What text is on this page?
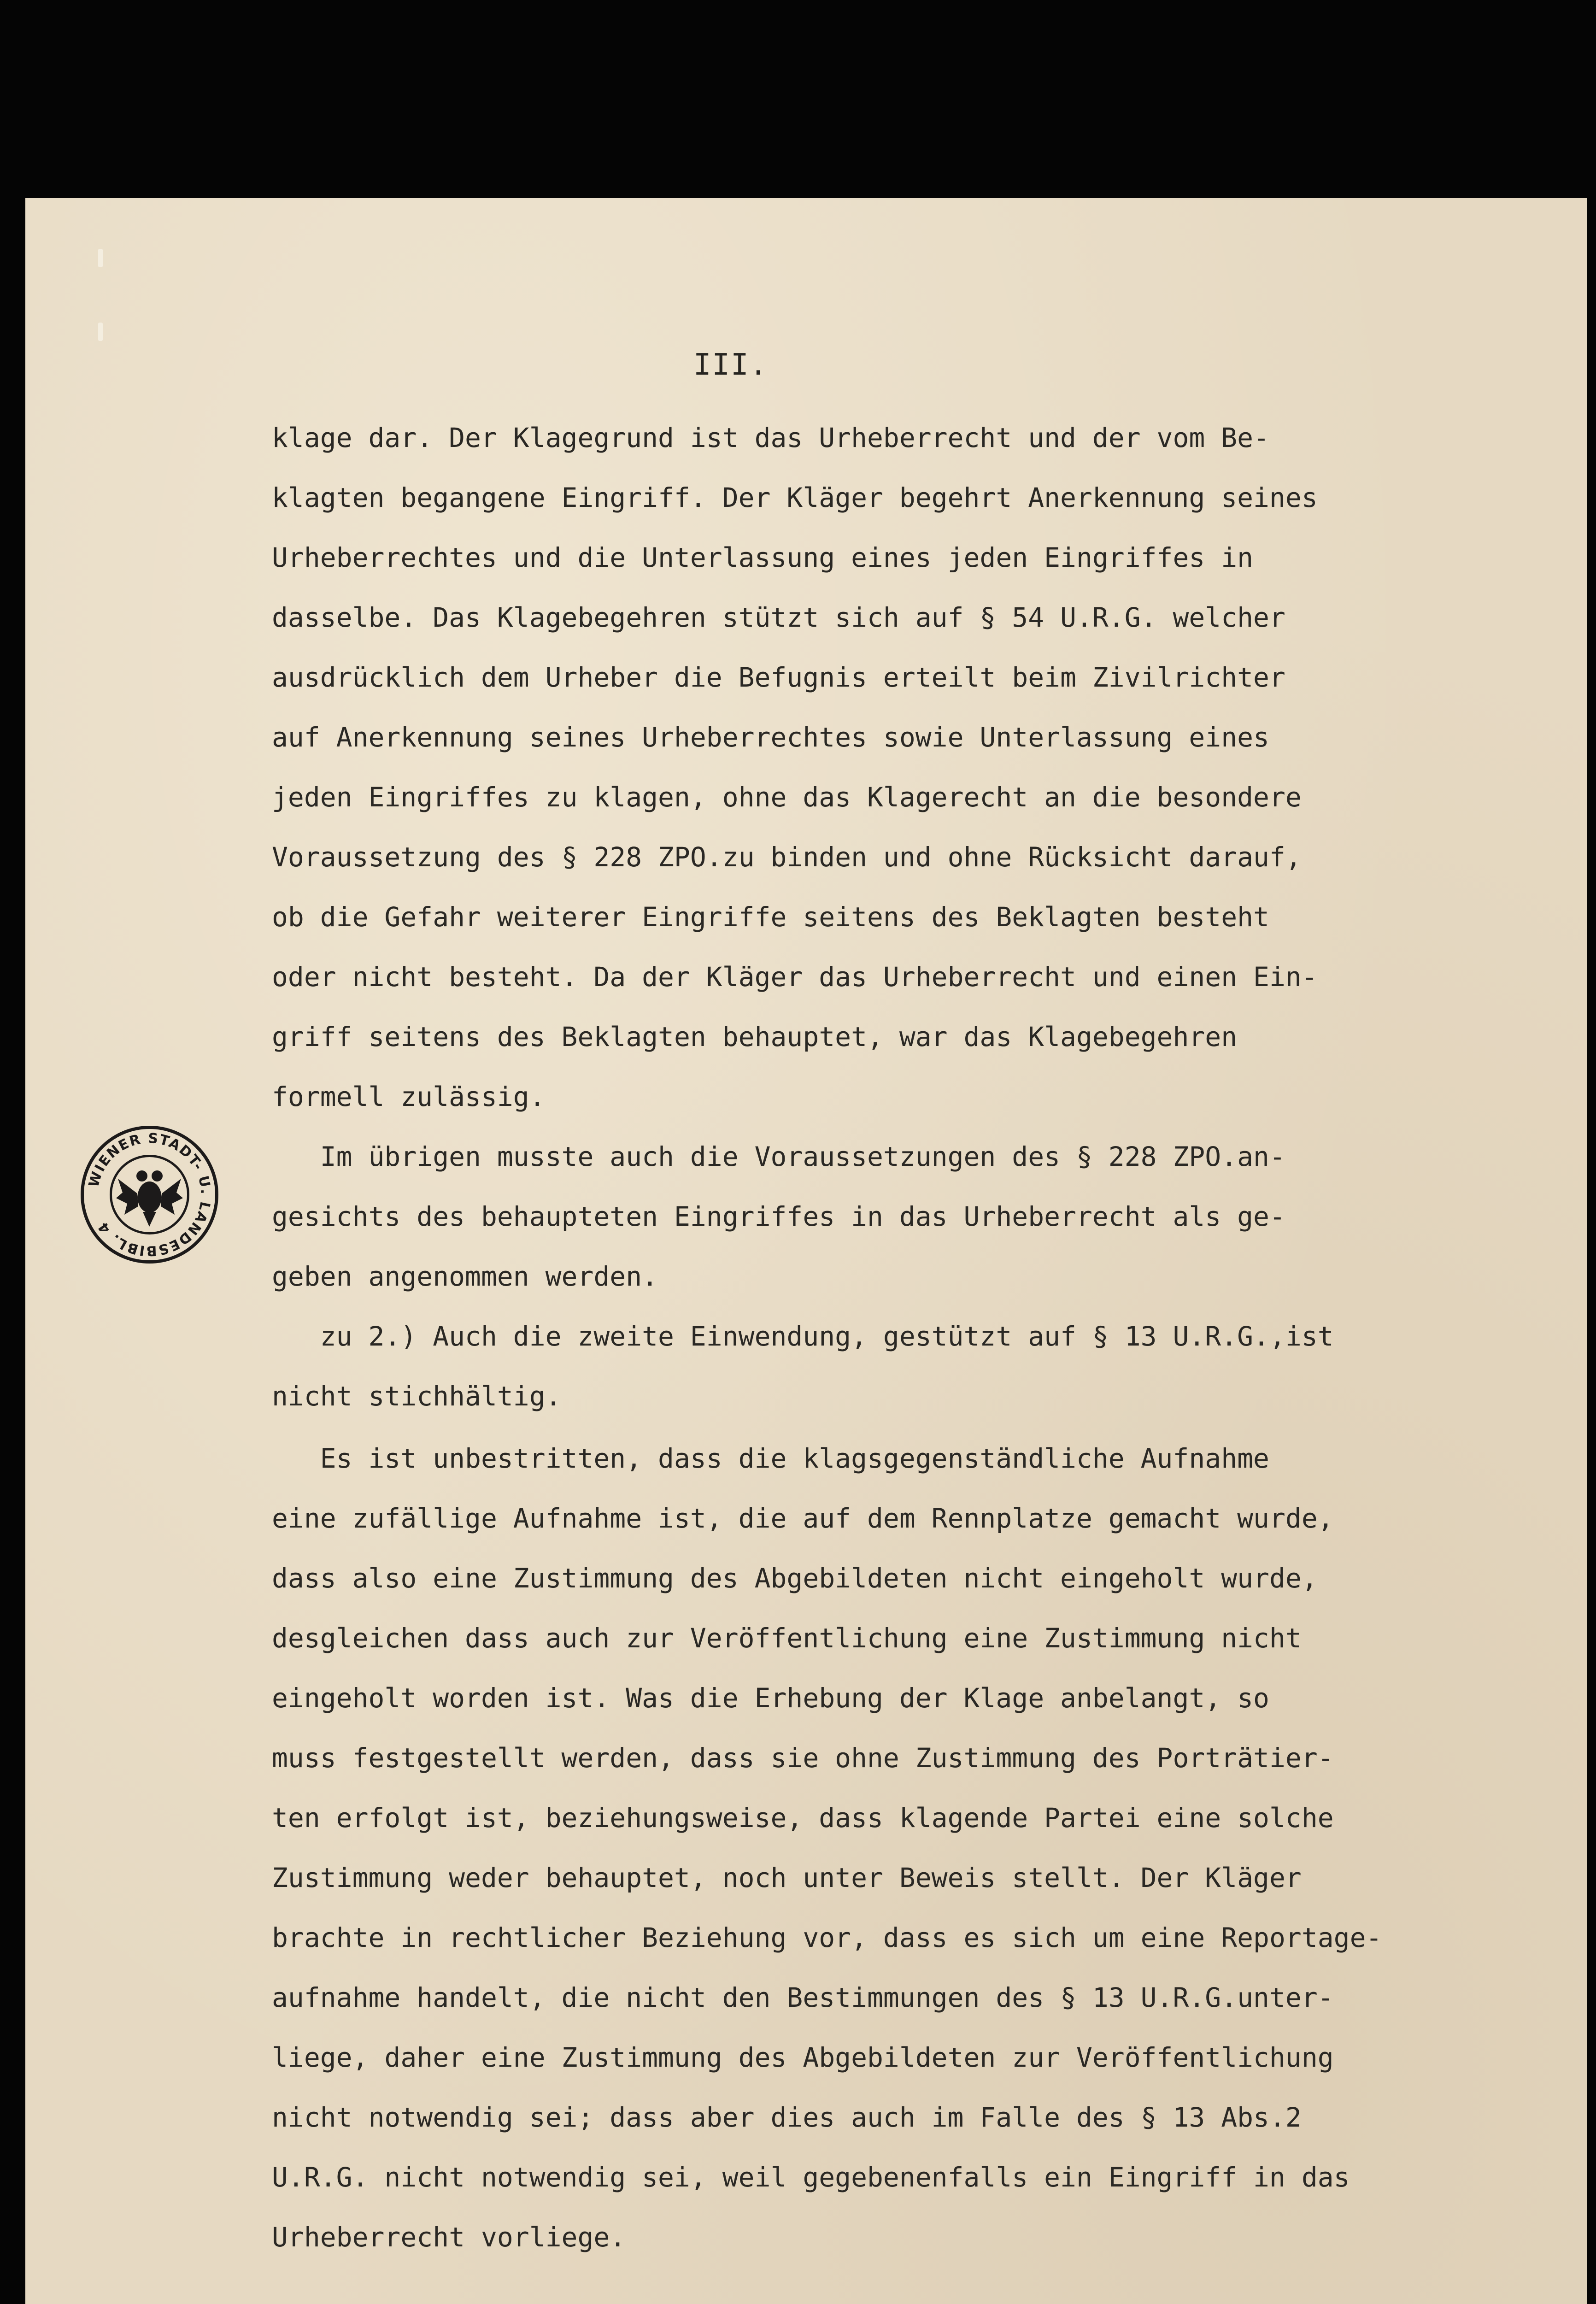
III.
WIENER STADT- U. LANDESBIBL. 4
klage dar. Der Klagegrund ist das Urheberrecht und der vom Be-
klagten begangene Eingriff. Der Kläger begehrt Anerkennung seines
Urheberrechtes und die Unterlassung eines jeden Eingriffes in
dasselbe. Das Klagebegehren stützt sich auf § 54 U.R.G. welcher
ausdrücklich dem Urheber die Befugnis erteilt beim Zivilrichter
auf Anerkennung seines Urheberrechtes sowie Unterlassung eines
jeden Eingriffes zu klagen, ohne das Klagerecht an die besondere
Voraussetzung des § 228 ZPO.zu binden und ohne Rücksicht darauf,
ob die Gefahr weiterer Eingriffe seitens des Beklagten besteht
oder nicht besteht. Da der Kläger das Urheberrecht und einen Ein-
griff seitens des Beklagten behauptet, war das Klagebegehren
formell zulässig.
Im übrigen musste auch die Voraussetzungen des § 228 ZPO.an-
gesichts des behaupteten Eingriffes in das Urheberrecht als ge-
geben angenommen werden.
zu 2.) Auch die zweite Einwendung, gestützt auf § 13 U.R.G.,ist
nicht stichhältig.
Es ist unbestritten, dass die klagsgegenständliche Aufnahme
eine zufällige Aufnahme ist, die auf dem Rennplatze gemacht wurde,
dass also eine Zustimmung des Abgebildeten nicht eingeholt wurde,
desgleichen dass auch zur Veröffentlichung eine Zustimmung nicht
eingeholt worden ist. Was die Erhebung der Klage anbelangt, so
muss festgestellt werden, dass sie ohne Zustimmung des Porträtier-
ten erfolgt ist, beziehungsweise, dass klagende Partei eine solche
Zustimmung weder behauptet, noch unter Beweis stellt. Der Kläger
brachte in rechtlicher Beziehung vor, dass es sich um eine Reportage-
aufnahme handelt, die nicht den Bestimmungen des § 13 U.R.G.unter-
liege, daher eine Zustimmung des Abgebildeten zur Veröffentlichung
nicht notwendig sei; dass aber dies auch im Falle des § 13 Abs.2
U.R.G. nicht notwendig sei, weil gegebenenfalls ein Eingriff in das
Urheberrecht vorliege.
